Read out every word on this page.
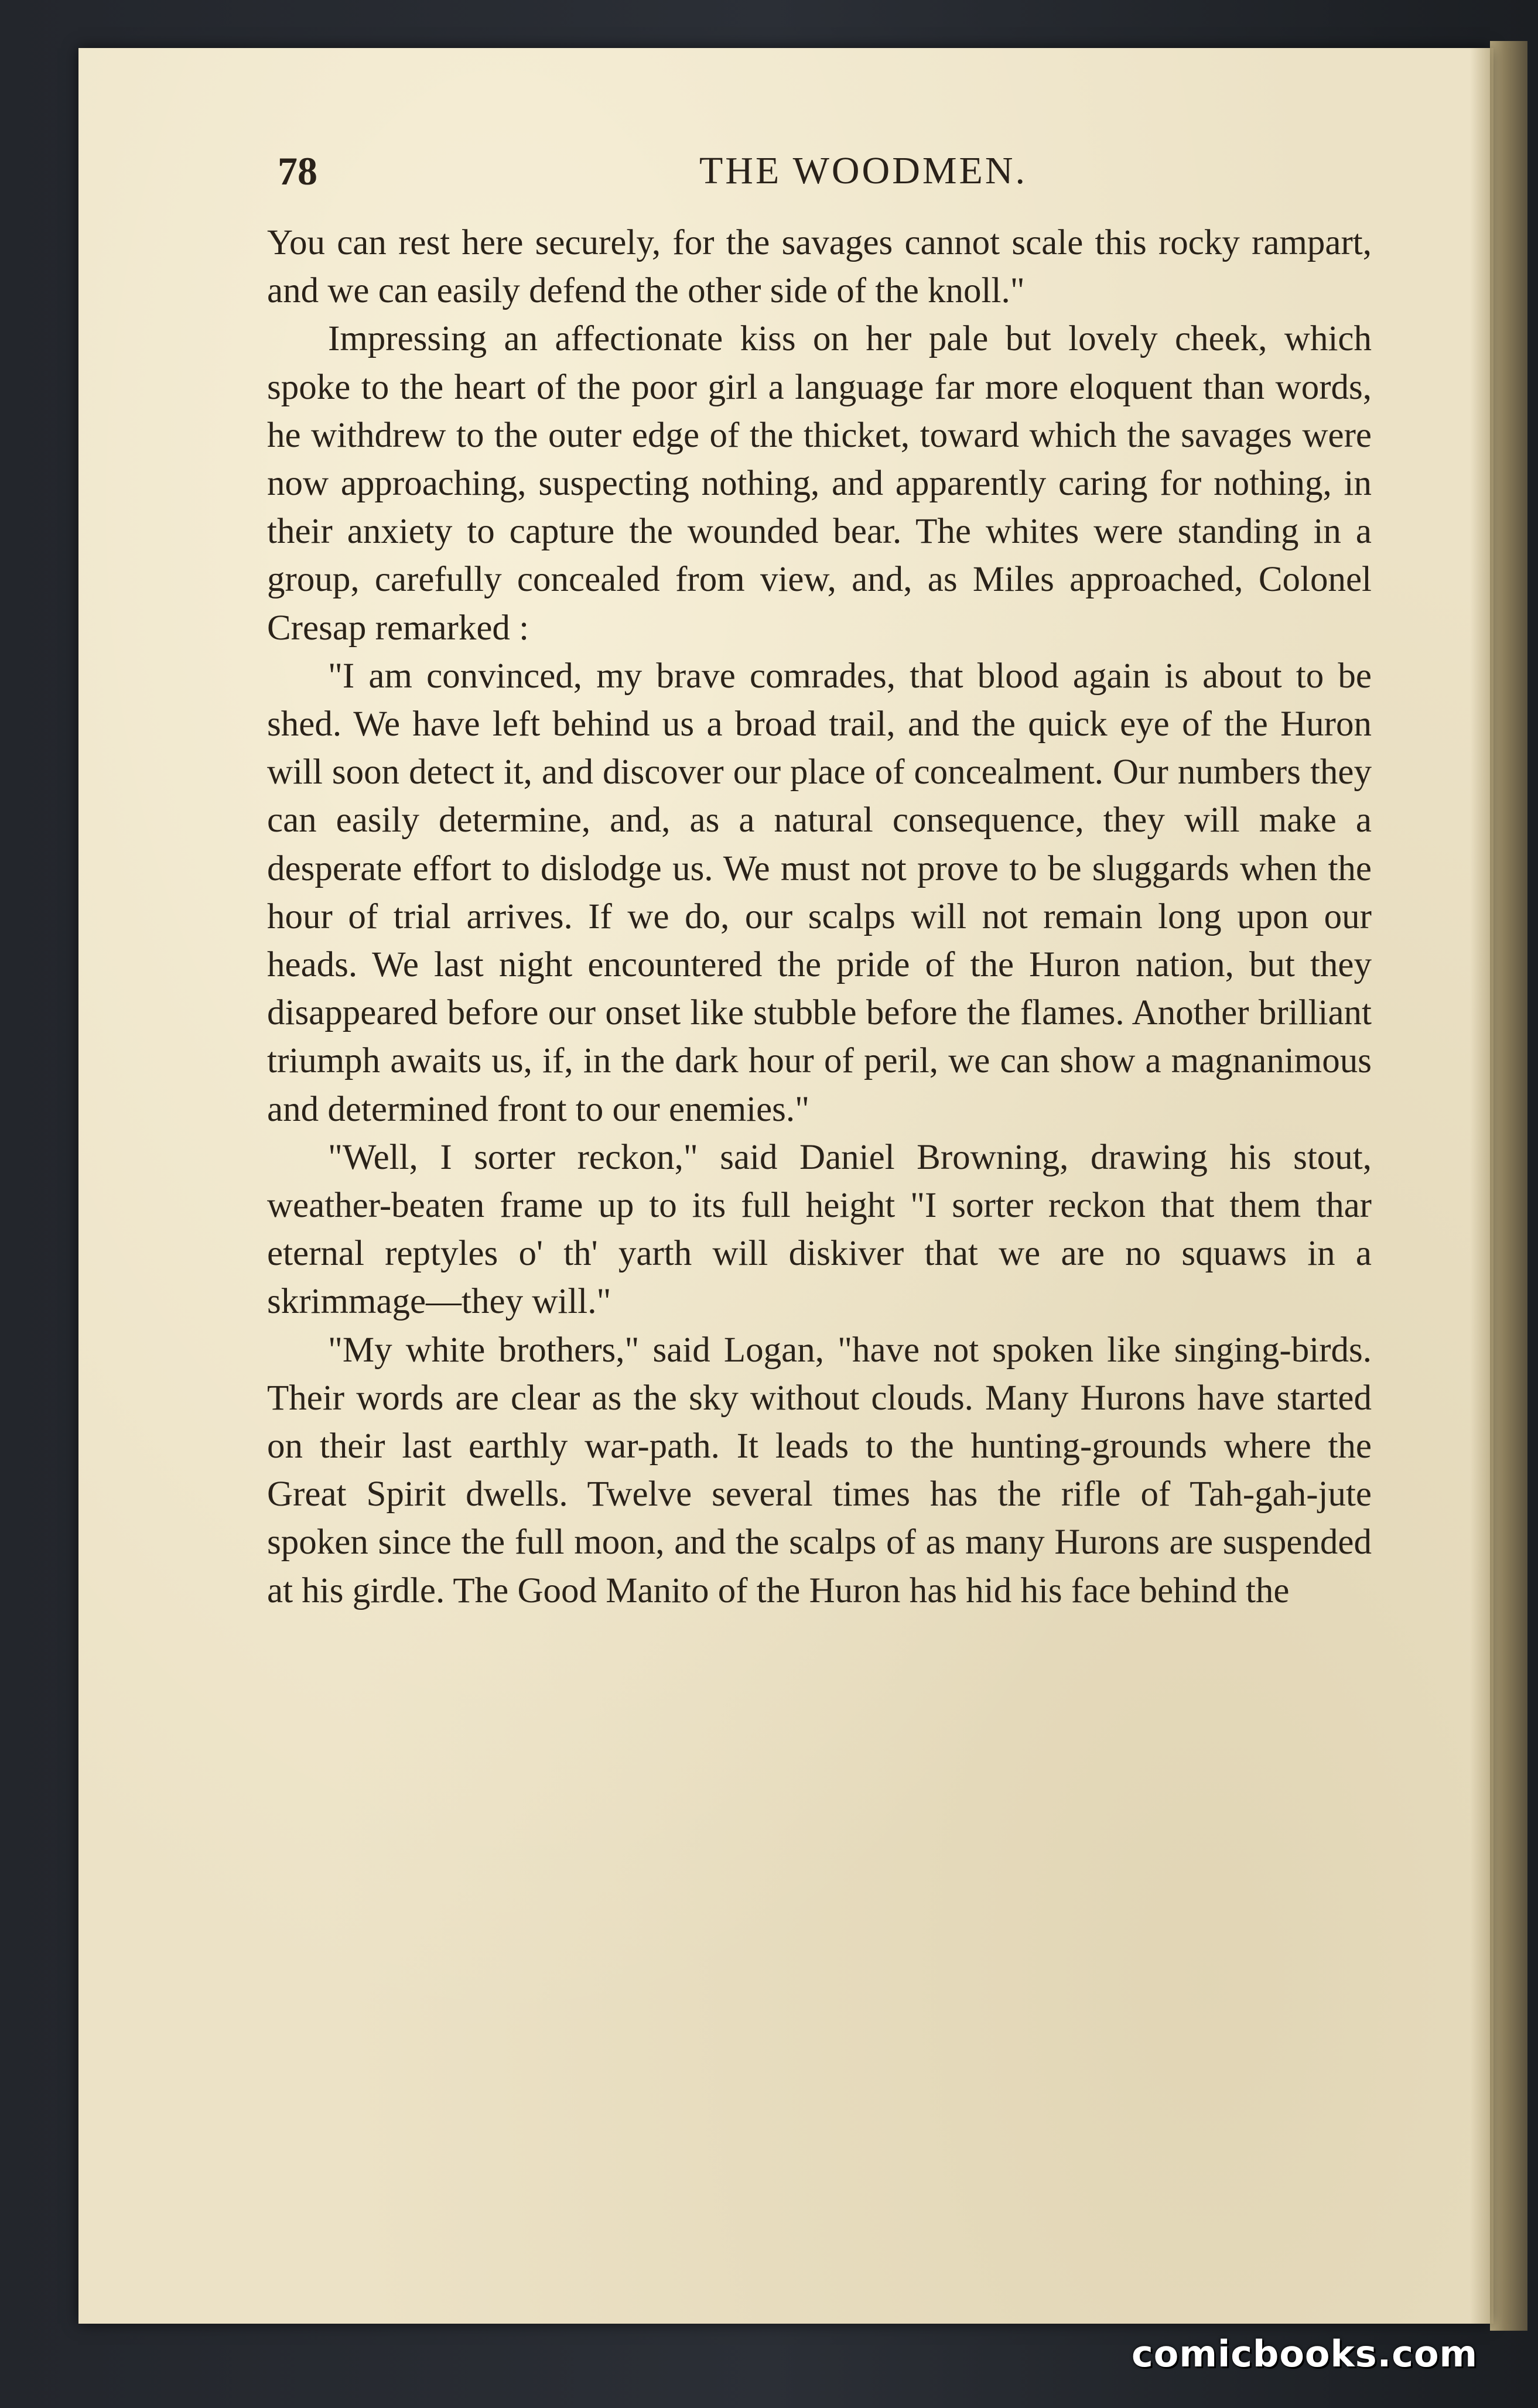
78	THE WOODMEN.

You can rest here securely, for the savages cannot scale this rocky rampart, and we can easily defend the other side of the knoll."

Impressing an affectionate kiss on her pale but lovely cheek, which spoke to the heart of the poor girl a language far more eloquent than words, he withdrew to the outer edge of the thicket, toward which the savages were now approaching, suspecting nothing, and apparently caring for nothing, in their anxiety to capture the wounded bear. The whites were standing in a group, carefully concealed from view, and, as Miles approached, Colonel Cresap remarked :

"I am convinced, my brave comrades, that blood again is about to be shed. We have left behind us a broad trail, and the quick eye of the Huron will soon detect it, and discover our place of concealment. Our numbers they can easily determine, and, as a natural consequence, they will make a desperate effort to dislodge us. We must not prove to be sluggards when the hour of trial arrives. If we do, our scalps will not remain long upon our heads. We last night encountered the pride of the Huron nation, but they disappeared before our onset like stubble before the flames. Another brilliant triumph awaits us, if, in the dark hour of peril, we can show a magnanimous and determined front to our enemies."

"Well, I sorter reckon," said Daniel Browning, drawing his stout, weather-beaten frame up to its full height "I sorter reckon that them thar eternal reptyles o' th' yarth will diskiver that we are no squaws in a skrimmage—they will."

"My white brothers," said Logan, "have not spoken like singing-birds. Their words are clear as the sky without clouds. Many Hurons have started on their last earthly war-path. It leads to the hunting-grounds where the Great Spirit dwells. Twelve several times has the rifle of Tah-gah-jute spoken since the full moon, and the scalps of as many Hurons are suspended at his girdle. The Good Manito of the Huron has hid his face behind the

comicbooks.com
